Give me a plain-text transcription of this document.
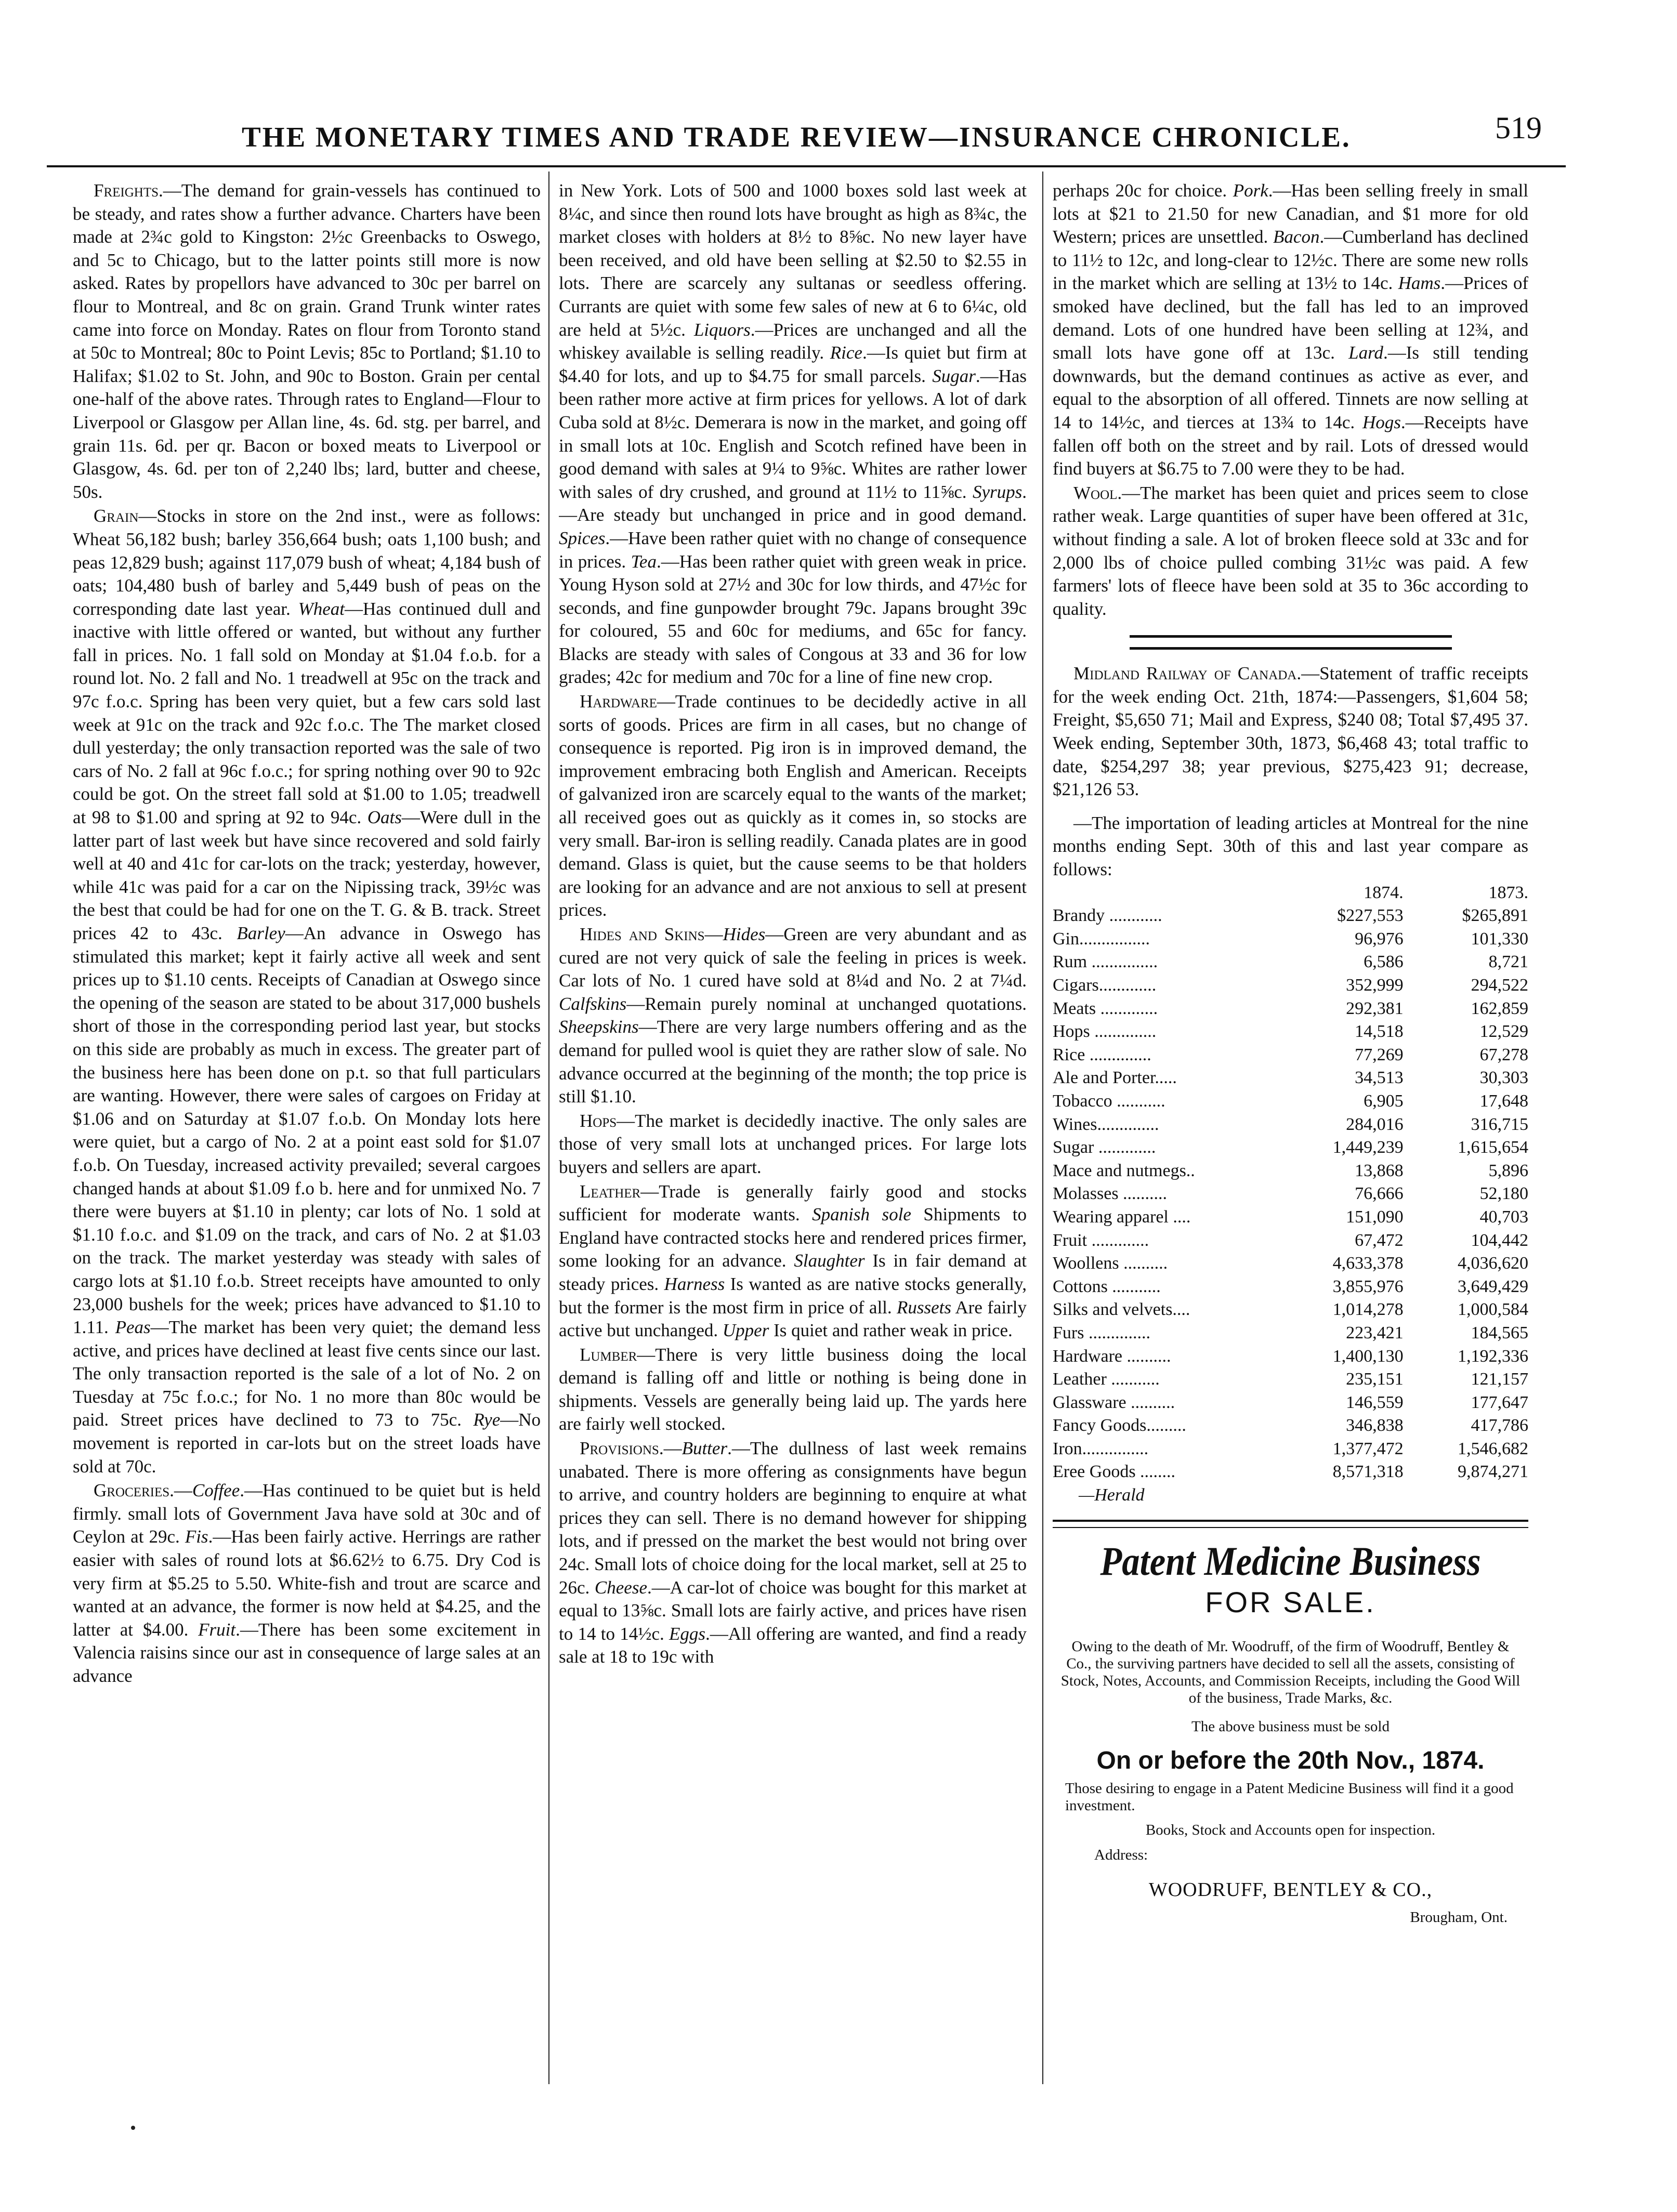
THE MONETARY TIMES AND TRADE REVIEW—INSURANCE CHRONICLE.	519

Freights.—The demand for grain-vessels has continued to be steady, and rates show a further advance. Charters have been made at 2¾c gold to Kingston: 2½c Greenbacks to Oswego, and 5c to Chicago, but to the latter points still more is now asked. Rates by propellors have advanced to 30c per barrel on flour to Montreal, and 8c on grain. Grand Trunk winter rates came into force on Monday. Rates on flour from Toronto stand at 50c to Montreal; 80c to Point Levis; 85c to Portland; $1.10 to Halifax; $1.02 to St. John, and 90c to Boston. Grain per cental one-half of the above rates. Through rates to England—Flour to Liverpool or Glasgow per Allan line, 4s. 6d. stg. per barrel, and grain 11s. 6d. per qr. Bacon or boxed meats to Liverpool or Glasgow, 4s. 6d. per ton of 2,240 lbs; lard, butter and cheese, 50s.

Grain—Stocks in store on the 2nd inst., were as follows: Wheat 56,182 bush; barley 356,664 bush; oats 1,100 bush; and peas 12,829 bush; against 117,079 bush of wheat; 4,184 bush of oats; 104,480 bush of barley and 5,449 bush of peas on the corresponding date last year. Wheat—Has continued dull and inactive with little offered or wanted, but without any further fall in prices. No. 1 fall sold on Monday at $1.04 f.o.b. for a round lot. No. 2 fall and No. 1 treadwell at 95c on the track and 97c f.o.c. Spring has been very quiet, but a few cars sold last week at 91c on the track and 92c f.o.c. The The market closed dull yesterday; the only transaction reported was the sale of two cars of No. 2 fall at 96c f.o.c.; for spring nothing over 90 to 92c could be got. On the street fall sold at $1.00 to 1.05; treadwell at 98 to $1.00 and spring at 92 to 94c. Oats—Were dull in the latter part of last week but have since recovered and sold fairly well at 40 and 41c for car-lots on the track; yesterday, however, while 41c was paid for a car on the Nipissing track, 39½c was the best that could be had for one on the T. G. & B. track. Street prices 42 to 43c. Barley—An advance in Oswego has stimulated this market; kept it fairly active all week and sent prices up to $1.10 cents. Receipts of Canadian at Oswego since the opening of the season are stated to be about 317,000 bushels short of those in the corresponding period last year, but stocks on this side are probably as much in excess. The greater part of the business here has been done on p.t. so that full particulars are wanting. However, there were sales of cargoes on Friday at $1.06 and on Saturday at $1.07 f.o.b. On Monday lots here were quiet, but a cargo of No. 2 at a point east sold for $1.07 f.o.b. On Tuesday, increased activity prevailed; several cargoes changed hands at about $1.09 f.o b. here and for unmixed No. 7 there were buyers at $1.10 in plenty; car lots of No. 1 sold at $1.10 f.o.c. and $1.09 on the track, and cars of No. 2 at $1.03 on the track. The market yesterday was steady with sales of cargo lots at $1.10 f.o.b. Street receipts have amounted to only 23,000 bushels for the week; prices have advanced to $1.10 to 1.11. Peas—The market has been very quiet; the demand less active, and prices have declined at least five cents since our last. The only transaction reported is the sale of a lot of No. 2 on Tuesday at 75c f.o.c.; for No. 1 no more than 80c would be paid. Street prices have declined to 73 to 75c. Rye—No movement is reported in car-lots but on the street loads have sold at 70c.

Groceries.—Coffee.—Has continued to be quiet but is held firmly. small lots of Government Java have sold at 30c and of Ceylon at 29c. Fis.—Has been fairly active. Herrings are rather easier with sales of round lots at $6.62½ to 6.75. Dry Cod is very firm at $5.25 to 5.50. White-fish and trout are scarce and wanted at an advance, the former is now held at $4.25, and the latter at $4.00. Fruit.—There has been some excitement in Valencia raisins since our ast in consequence of large sales at an advance

in New York. Lots of 500 and 1000 boxes sold last week at 8¼c, and since then round lots have brought as high as 8¾c, the market closes with holders at 8½ to 8⅝c. No new layer have been received, and old have been selling at $2.50 to $2.55 in lots. There are scarcely any sultanas or seedless offering. Currants are quiet with some few sales of new at 6 to 6¼c, old are held at 5½c. Liquors.—Prices are unchanged and all the whiskey available is selling readily. Rice.—Is quiet but firm at $4.40 for lots, and up to $4.75 for small parcels. Sugar.—Has been rather more active at firm prices for yellows. A lot of dark Cuba sold at 8½c. Demerara is now in the market, and going off in small lots at 10c. English and Scotch refined have been in good demand with sales at 9¼ to 9⅝c. Whites are rather lower with sales of dry crushed, and ground at 11½ to 11⅝c. Syrups.—Are steady but unchanged in price and in good demand. Spices.—Have been rather quiet with no change of consequence in prices. Tea.—Has been rather quiet with green weak in price. Young Hyson sold at 27½ and 30c for low thirds, and 47½c for seconds, and fine gunpowder brought 79c. Japans brought 39c for coloured, 55 and 60c for mediums, and 65c for fancy. Blacks are steady with sales of Congous at 33 and 36 for low grades; 42c for medium and 70c for a line of fine new crop.

Hardware—Trade continues to be decidedly active in all sorts of goods. Prices are firm in all cases, but no change of consequence is reported. Pig iron is in improved demand, the improvement embracing both English and American. Receipts of galvanized iron are scarcely equal to the wants of the market; all received goes out as quickly as it comes in, so stocks are very small. Bar-iron is selling readily. Canada plates are in good demand. Glass is quiet, but the cause seems to be that holders are looking for an advance and are not anxious to sell at present prices.

Hides and Skins—Hides—Green are very abundant and as cured are not very quick of sale the feeling in prices is week. Car lots of No. 1 cured have sold at 8¼d and No. 2 at 7¼d. Calfskins—Remain purely nominal at unchanged quotations. Sheepskins—There are very large numbers offering and as the demand for pulled wool is quiet they are rather slow of sale. No advance occurred at the beginning of the month; the top price is still $1.10.

Hops—The market is decidedly inactive. The only sales are those of very small lots at unchanged prices. For large lots buyers and sellers are apart.

Leather—Trade is generally fairly good and stocks sufficient for moderate wants. Spanish sole Shipments to England have contracted stocks here and rendered prices firmer, some looking for an advance. Slaughter Is in fair demand at steady prices. Harness Is wanted as are native stocks generally, but the former is the most firm in price of all. Russets Are fairly active but unchanged. Upper Is quiet and rather weak in price.

Lumber—There is very little business doing the local demand is falling off and little or nothing is being done in shipments. Vessels are generally being laid up. The yards here are fairly well stocked.

Provisions.—Butter.—The dullness of last week remains unabated. There is more offering as consignments have begun to arrive, and country holders are beginning to enquire at what prices they can sell. There is no demand however for shipping lots, and if pressed on the market the best would not bring over 24c. Small lots of choice doing for the local market, sell at 25 to 26c. Cheese.—A car-lot of choice was bought for this market at equal to 13⅝c. Small lots are fairly active, and prices have risen to 14 to 14½c. Eggs.—All offering are wanted, and find a ready sale at 18 to 19c with

perhaps 20c for choice. Pork.—Has been selling freely in small lots at $21 to 21.50 for new Canadian, and $1 more for old Western; prices are unsettled. Bacon.—Cumberland has declined to 11½ to 12c, and long-clear to 12½c. There are some new rolls in the market which are selling at 13½ to 14c. Hams.—Prices of smoked have declined, but the fall has led to an improved demand. Lots of one hundred have been selling at 12¾, and small lots have gone off at 13c. Lard.—Is still tending downwards, but the demand continues as active as ever, and equal to the absorption of all offered. Tinnets are now selling at 14 to 14½c, and tierces at 13¾ to 14c. Hogs.—Receipts have fallen off both on the street and by rail. Lots of dressed would find buyers at $6.75 to 7.00 were they to be had.

Wool.—The market has been quiet and prices seem to close rather weak. Large quantities of super have been offered at 31c, without finding a sale. A lot of broken fleece sold at 33c and for 2,000 lbs of choice pulled combing 31½c was paid. A few farmers' lots of fleece have been sold at 35 to 36c according to quality.

Midland Railway of Canada.—Statement of traffic receipts for the week ending Oct. 21th, 1874:—Passengers, $1,604 58; Freight, $5,650 71; Mail and Express, $240 08; Total $7,495 37. Week ending, September 30th, 1873, $6,468 43; total traffic to date, $254,297 38; year previous, $275,423 91; decrease, $21,126 53.

—The importation of leading articles at Montreal for the nine months ending Sept. 30th of this and last year compare as follows:

	1874.	1873.
Brandy ............	$227,553	$265,891
Gin................	96,976	101,330
Rum ...............	6,586	8,721
Cigars.............	352,999	294,522
Meats .............	292,381	162,859
Hops ..............	14,518	12,529
Rice ..............	77,269	67,278
Ale and Porter.....	34,513	30,303
Tobacco ...........	6,905	17,648
Wines..............	284,016	316,715
Sugar .............	1,449,239	1,615,654
Mace and nutmegs..	13,868	5,896
Molasses ..........	76,666	52,180
Wearing apparel ....	151,090	40,703
Fruit .............	67,472	104,442
Woollens ..........	4,633,378	4,036,620
Cottons ...........	3,855,976	3,649,429
Silks and velvets....	1,014,278	1,000,584
Furs ..............	223,421	184,565
Hardware ..........	1,400,130	1,192,336
Leather ...........	235,151	121,157
Glassware ..........	146,559	177,647
Fancy Goods.........	346,838	417,786
Iron...............	1,377,472	1,546,682
Eree Goods ........	8,571,318	9,874,271
—Herald
Patent Medicine Business
FOR SALE.
Owing to the death of Mr. Woodruff, of the firm of Woodruff, Bentley & Co., the surviving partners have decided to sell all the assets, consisting of Stock, Notes, Accounts, and Commission Receipts, including the Good Will of the business, Trade Marks, &c.
The above business must be sold
On or before the 20th Nov., 1874.
Those desiring to engage in a Patent Medicine Business will find it a good investment.
Books, Stock and Accounts open for inspection.
Address:
WOODRUFF, BENTLEY & CO.,
Brougham, Ont.
